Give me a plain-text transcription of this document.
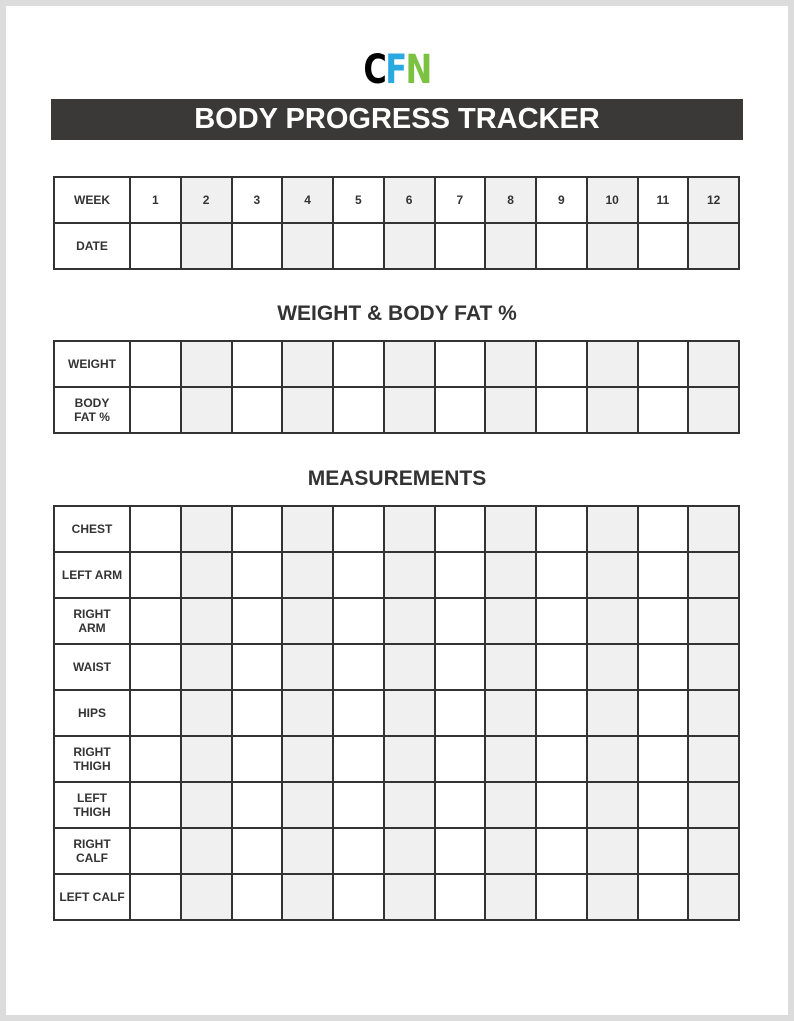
CFN
BODY PROGRESS TRACKER
WEEK	1	2	3	4	5	6	7	8	9	10	11	12
DATE												
WEIGHT & BODY FAT %
WEIGHT												
BODY
FAT %												
MEASUREMENTS
CHEST												
LEFT ARM												
RIGHT
ARM												
WAIST												
HIPS												
RIGHT
THIGH												
LEFT
THIGH												
RIGHT
CALF												
LEFT CALF												
